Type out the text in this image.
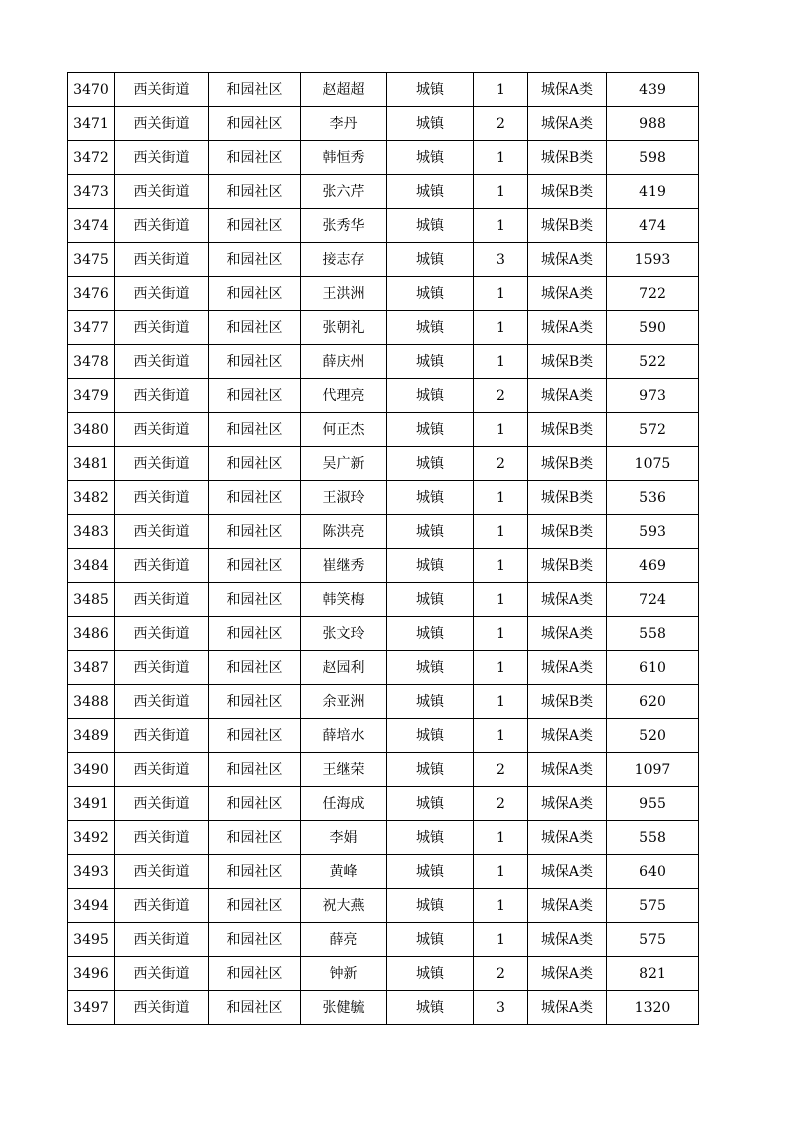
3470	西关街道	和园社区	赵超超	城镇	1	城保A类	439
3471	西关街道	和园社区	李丹	城镇	2	城保A类	988
3472	西关街道	和园社区	韩恒秀	城镇	1	城保B类	598
3473	西关街道	和园社区	张六芹	城镇	1	城保B类	419
3474	西关街道	和园社区	张秀华	城镇	1	城保B类	474
3475	西关街道	和园社区	接志存	城镇	3	城保A类	1593
3476	西关街道	和园社区	王洪洲	城镇	1	城保A类	722
3477	西关街道	和园社区	张朝礼	城镇	1	城保A类	590
3478	西关街道	和园社区	薛庆州	城镇	1	城保B类	522
3479	西关街道	和园社区	代理亮	城镇	2	城保A类	973
3480	西关街道	和园社区	何正杰	城镇	1	城保B类	572
3481	西关街道	和园社区	吴广新	城镇	2	城保B类	1075
3482	西关街道	和园社区	王淑玲	城镇	1	城保B类	536
3483	西关街道	和园社区	陈洪亮	城镇	1	城保B类	593
3484	西关街道	和园社区	崔继秀	城镇	1	城保B类	469
3485	西关街道	和园社区	韩笑梅	城镇	1	城保A类	724
3486	西关街道	和园社区	张文玲	城镇	1	城保A类	558
3487	西关街道	和园社区	赵园利	城镇	1	城保A类	610
3488	西关街道	和园社区	余亚洲	城镇	1	城保B类	620
3489	西关街道	和园社区	薛培水	城镇	1	城保A类	520
3490	西关街道	和园社区	王继荣	城镇	2	城保A类	1097
3491	西关街道	和园社区	任海成	城镇	2	城保A类	955
3492	西关街道	和园社区	李娟	城镇	1	城保A类	558
3493	西关街道	和园社区	黄峰	城镇	1	城保A类	640
3494	西关街道	和园社区	祝大燕	城镇	1	城保A类	575
3495	西关街道	和园社区	薛亮	城镇	1	城保A类	575
3496	西关街道	和园社区	钟新	城镇	2	城保A类	821
3497	西关街道	和园社区	张健毓	城镇	3	城保A类	1320
